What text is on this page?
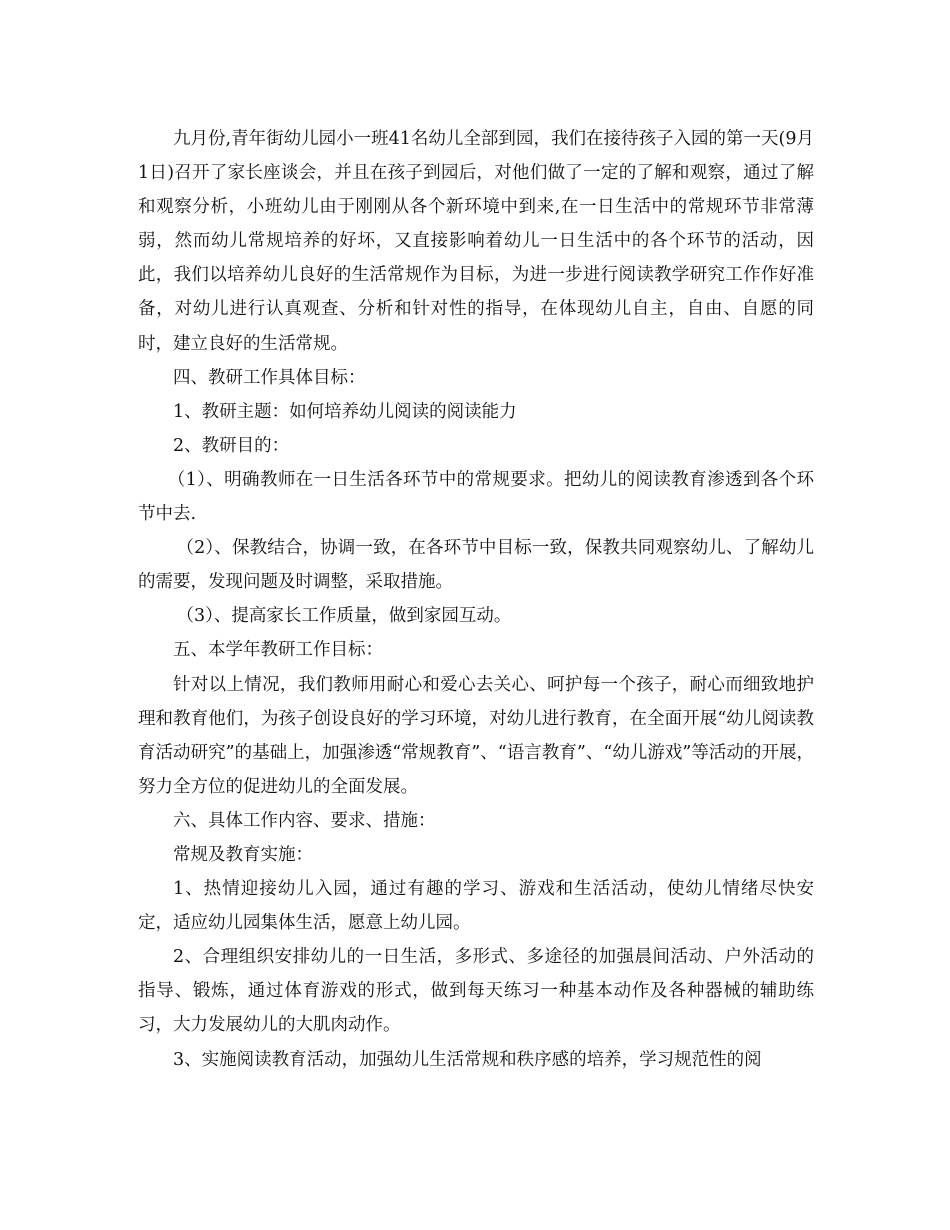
九月份,青年街幼儿园小一班41名幼儿全部到园，我们在接待孩子入园的第一天(9月1日)召开了家长座谈会，并且在孩子到园后，对他们做了一定的了解和观察，通过了解和观察分析，小班幼儿由于刚刚从各个新环境中到来,在一日生活中的常规环节非常薄弱，然而幼儿常规培养的好坏，又直接影响着幼儿一日生活中的各个环节的活动，因此，我们以培养幼儿良好的生活常规作为目标，为进一步进行阅读教学研究工作作好准备，对幼儿进行认真观查、分析和针对性的指导，在体现幼儿自主，自由、自愿的同时，建立良好的生活常规。

四、教研工作具体目标：

1、教研主题：如何培养幼儿阅读的阅读能力

2、教研目的：

（1）、明确教师在一日生活各环节中的常规要求。把幼儿的阅读教育渗透到各个环节中去.

（2）、保教结合，协调一致，在各环节中目标一致，保教共同观察幼儿、了解幼儿的需要，发现问题及时调整，采取措施。

（3）、提高家长工作质量，做到家园互动。

五、本学年教研工作目标：

针对以上情况，我们教师用耐心和爱心去关心、呵护每一个孩子，耐心而细致地护理和教育他们，为孩子创设良好的学习环境，对幼儿进行教育，在全面开展“幼儿阅读教育活动研究”的基础上，加强渗透“常规教育”、“语言教育”、“幼儿游戏”等活动的开展，努力全方位的促进幼儿的全面发展。

六、具体工作内容、要求、措施：

常规及教育实施：

1、热情迎接幼儿入园，通过有趣的学习、游戏和生活活动，使幼儿情绪尽快安定，适应幼儿园集体生活，愿意上幼儿园。

2、合理组织安排幼儿的一日生活，多形式、多途径的加强晨间活动、户外活动的指导、锻炼，通过体育游戏的形式，做到每天练习一种基本动作及各种器械的辅助练习，大力发展幼儿的大肌肉动作。

3、实施阅读教育活动，加强幼儿生活常规和秩序感的培养，学习规范性的阅
